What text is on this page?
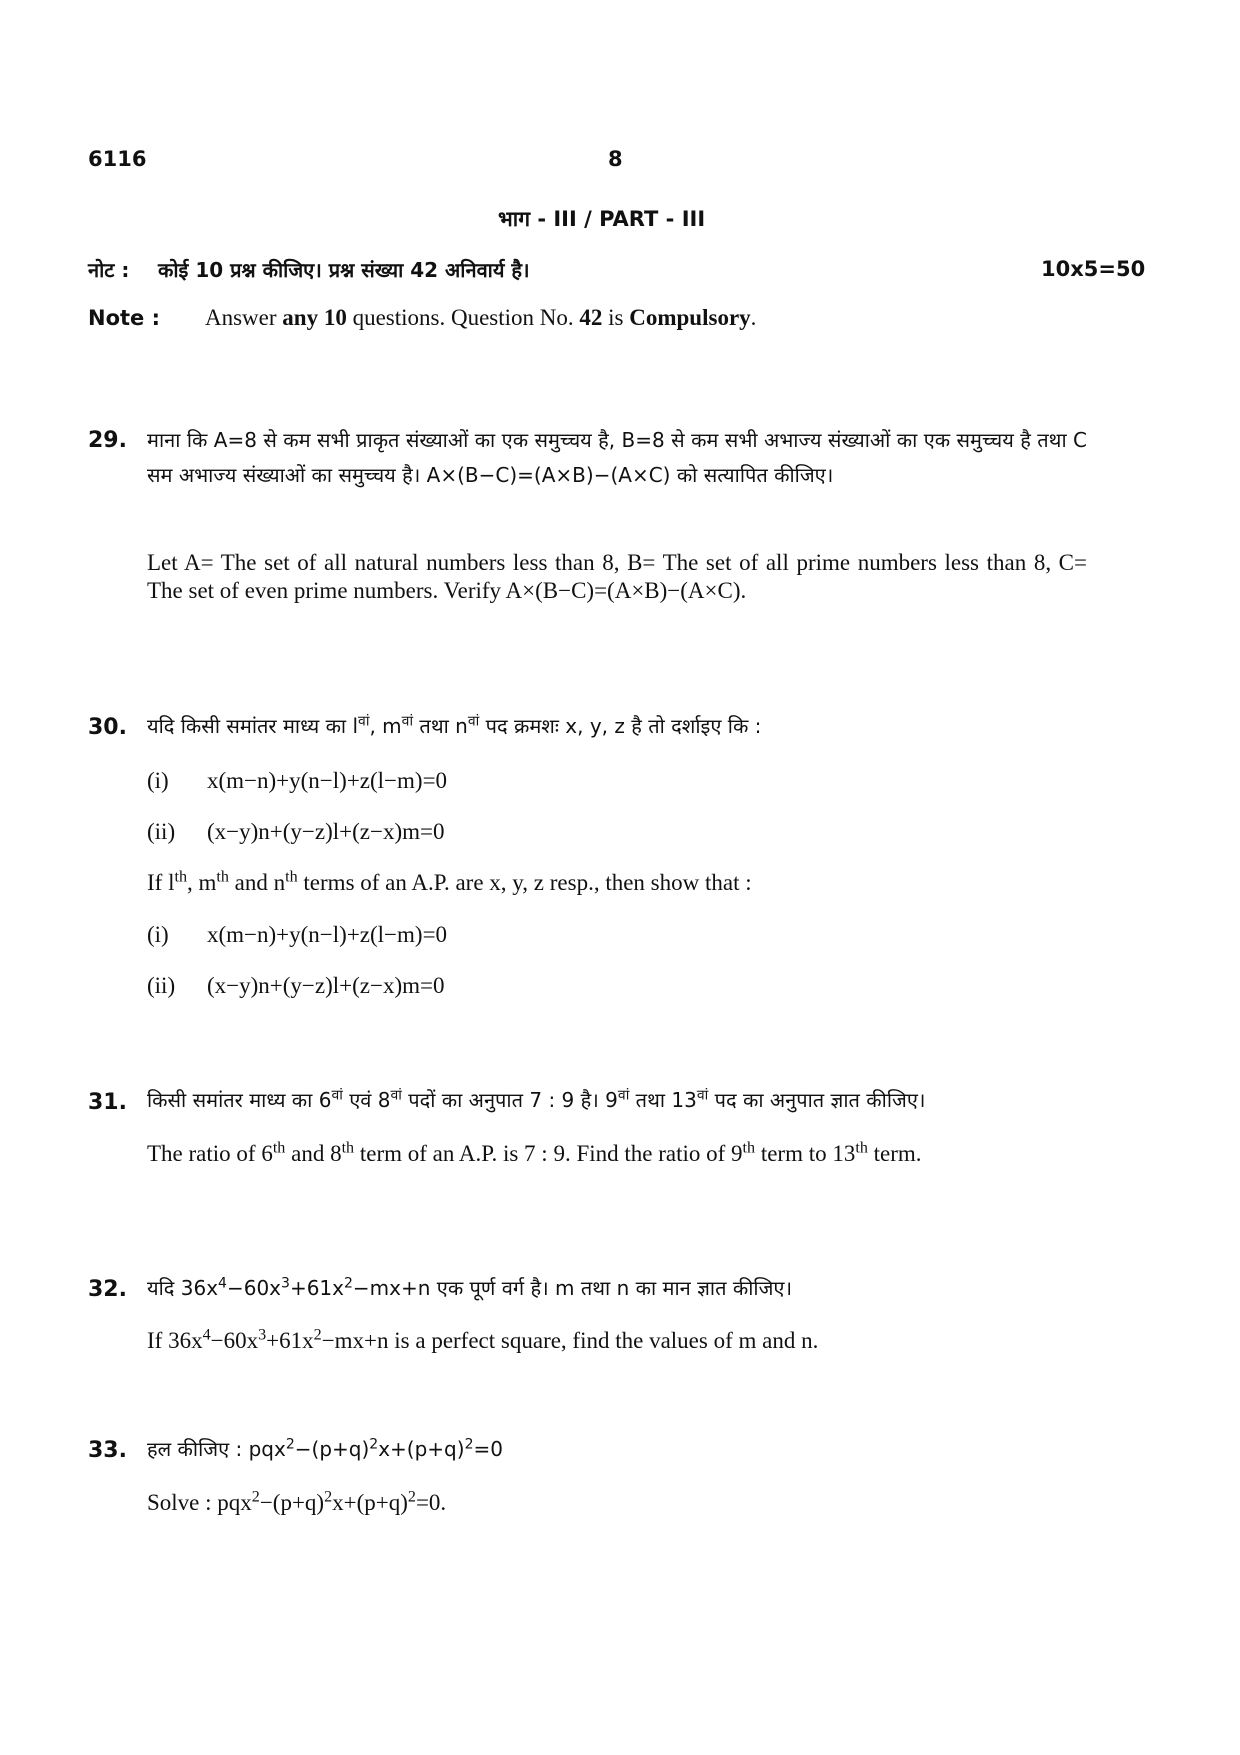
6116	8
भाग - III / PART - III
नोट : कोई 10 प्रश्न कीजिए। प्रश्न संख्या 42 अनिवार्य है।	10x5=50
Note : Answer any 10 questions. Question No. 42 is Compulsory.
29. माना कि A=8 से कम सभी प्राकृत संख्याओं का एक समुच्चय है, B=8 से कम सभी अभाज्य संख्याओं का एक समुच्चय है तथा C सम अभाज्य संख्याओं का समुच्चय है। A×(B−C)=(A×B)−(A×C) को सत्यापित कीजिए।
Let A= The set of all natural numbers less than 8, B= The set of all prime numbers less than 8, C= The set of even prime numbers. Verify A×(B−C)=(A×B)−(A×C).
30. यदि किसी समांतर माध्य का $l^{वां}$, $m^{वां}$ तथा $n^{वां}$ पद क्रमशः x, y, z है तो दर्शाइए कि :
(i) x(m−n)+y(n−l)+z(l−m)=0
(ii) (x−y)n+(y−z)l+(z−x)m=0
If $l^{th}$, $m^{th}$ and $n^{th}$ terms of an A.P. are x, y, z resp., then show that :
(i) x(m−n)+y(n−l)+z(l−m)=0
(ii) (x−y)n+(y−z)l+(z−x)m=0
31. किसी समांतर माध्य का $6^{वां}$ एवं $8^{वां}$ पदों का अनुपात 7 : 9 है। $9^{वां}$ तथा $13^{वां}$ पद का अनुपात ज्ञात कीजिए।
The ratio of 6th and 8th term of an A.P. is 7 : 9. Find the ratio of 9th term to 13th term.
32. यदि $36x^4-60x^3+61x^2-mx+n$ एक पूर्ण वर्ग है। m तथा n का मान ज्ञात कीजिए।
If $36x^4-60x^3+61x^2-mx+n$ is a perfect square, find the values of m and n.
33. हल कीजिए : $pqx^2-(p+q)^2x+(p+q)^2=0$
Solve : $pqx^2-(p+q)^2x+(p+q)^2=0$.
